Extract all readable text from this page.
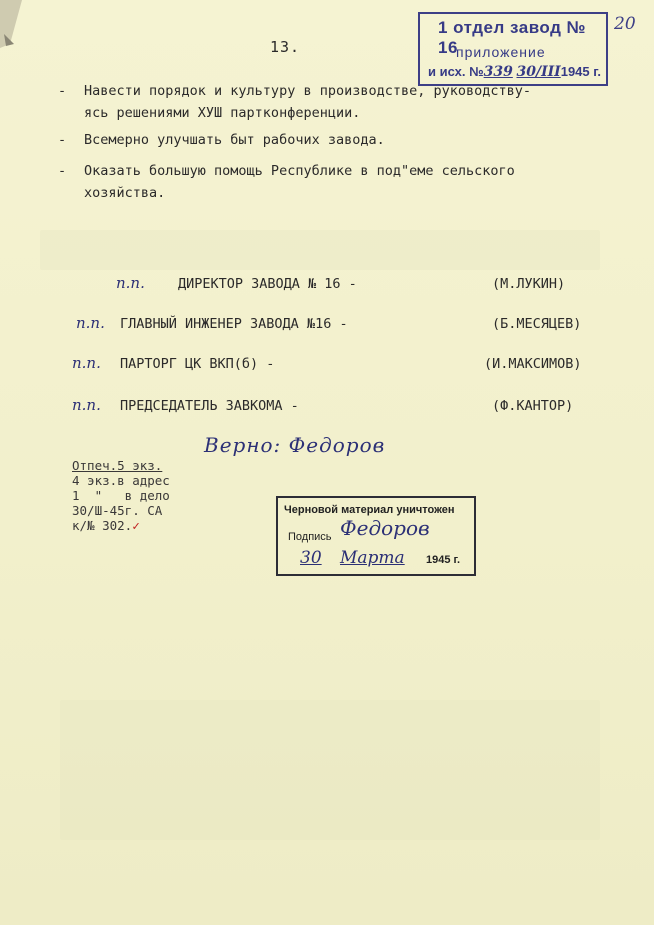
13.
1 отдел завод № 16
приложение
и исх. №339 30/III1945 г.
20
- Навести порядок и культуру в производстве, руководству-
ясь решениями ХУШ партконференции.
- Всемерно улучшать быт рабочих завода.
- Оказать большую помощь Республике в под"еме сельского
хозяйства.
п.п. ДИРЕКТОР ЗАВОДА № 16 -	(М.ЛУКИН)
п.п. ГЛАВНЫЙ ИНЖЕНЕР ЗАВОДА №16 -	(Б.МЕСЯЦЕВ)
п.п. ПАРТОРГ ЦК ВКП(б) -	(И.МАКСИМОВ)
п.п. ПРЕДСЕДАТЕЛЬ ЗАВКОМА -	(Ф.КАНТОР)
Верно: Федоров
Отпеч.5 экз.
4 экз.в адрес
1  "   в дело
30/Ш-45г. СА
к/№ 302.✓
Черновой материал уничтожен
Подпись Федоров
30 Марта 1945 г.
